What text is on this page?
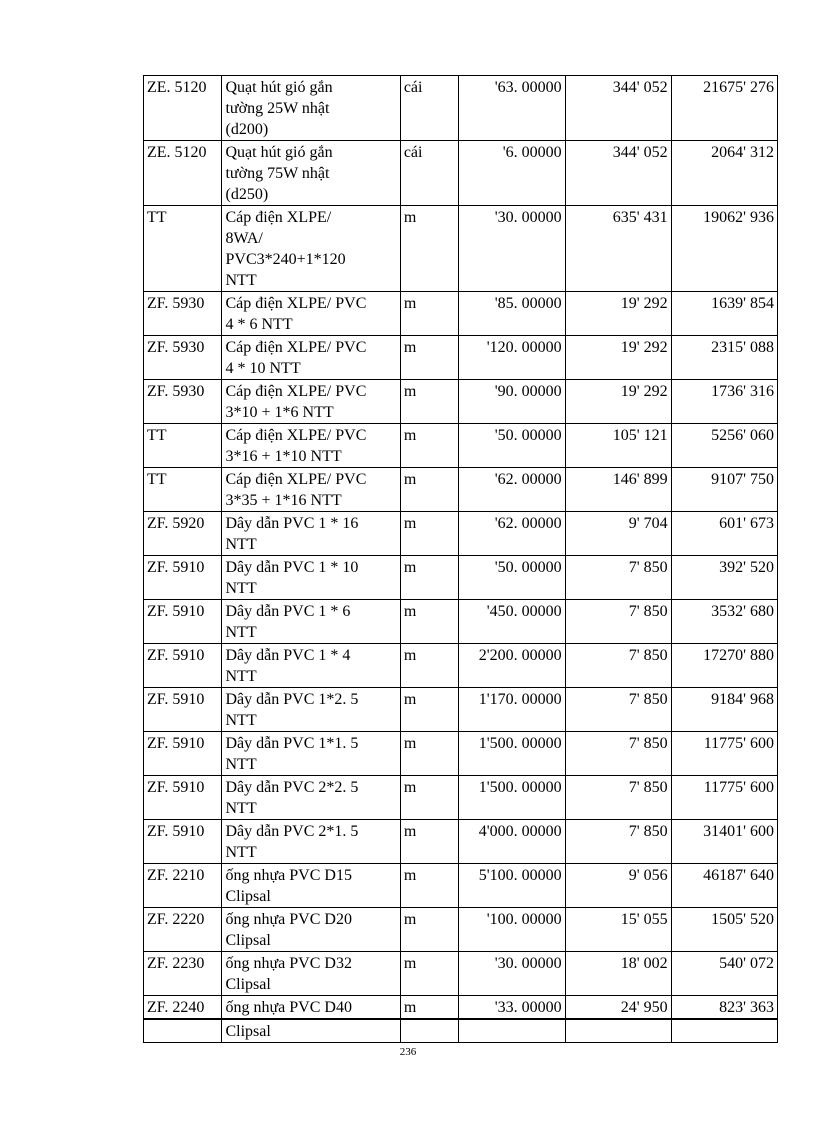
ZE. 5120	Quạt hút gió gắn
tường 25W nhật
(d200)	cái	'63. 00000	344' 052	21675' 276
ZE. 5120	Quạt hút gió gắn
tường 75W nhật
(d250)	cái	'6. 00000	344' 052	2064' 312
TT	Cáp điện XLPE/
8WA/
PVC3*240+1*120
NTT	m	'30. 00000	635' 431	19062' 936
ZF. 5930	Cáp điện XLPE/ PVC
4 * 6 NTT	m	'85. 00000	19' 292	1639' 854
ZF. 5930	Cáp điện XLPE/ PVC
4 * 10 NTT	m	'120. 00000	19' 292	2315' 088
ZF. 5930	Cáp điện XLPE/ PVC
3*10 + 1*6 NTT	m	'90. 00000	19' 292	1736' 316
TT	Cáp điện XLPE/ PVC
3*16 + 1*10 NTT	m	'50. 00000	105' 121	5256' 060
TT	Cáp điện XLPE/ PVC
3*35 + 1*16 NTT	m	'62. 00000	146' 899	9107' 750
ZF. 5920	Dây dẫn PVC 1 * 16
NTT	m	'62. 00000	9' 704	601' 673
ZF. 5910	Dây dẫn PVC 1 * 10
NTT	m	'50. 00000	7' 850	392' 520
ZF. 5910	Dây dẫn PVC 1 * 6
NTT	m	'450. 00000	7' 850	3532' 680
ZF. 5910	Dây dẫn PVC 1 * 4
NTT	m	2'200. 00000	7' 850	17270' 880
ZF. 5910	Dây dẫn PVC 1*2. 5
NTT	m	1'170. 00000	7' 850	9184' 968
ZF. 5910	Dây dẫn PVC 1*1. 5
NTT	m	1'500. 00000	7' 850	11775' 600
ZF. 5910	Dây dẫn PVC 2*2. 5
NTT	m	1'500. 00000	7' 850	11775' 600
ZF. 5910	Dây dẫn PVC 2*1. 5
NTT	m	4'000. 00000	7' 850	31401' 600
ZF. 2210	ống nhựa PVC D15
Clipsal	m	5'100. 00000	9' 056	46187' 640
ZF. 2220	ống nhựa PVC D20
Clipsal	m	'100. 00000	15' 055	1505' 520
ZF. 2230	ống nhựa PVC D32
Clipsal	m	'30. 00000	18' 002	540' 072
ZF. 2240	ống nhựa PVC D40	m	'33. 00000	24' 950	823' 363

	Clipsal				

236
